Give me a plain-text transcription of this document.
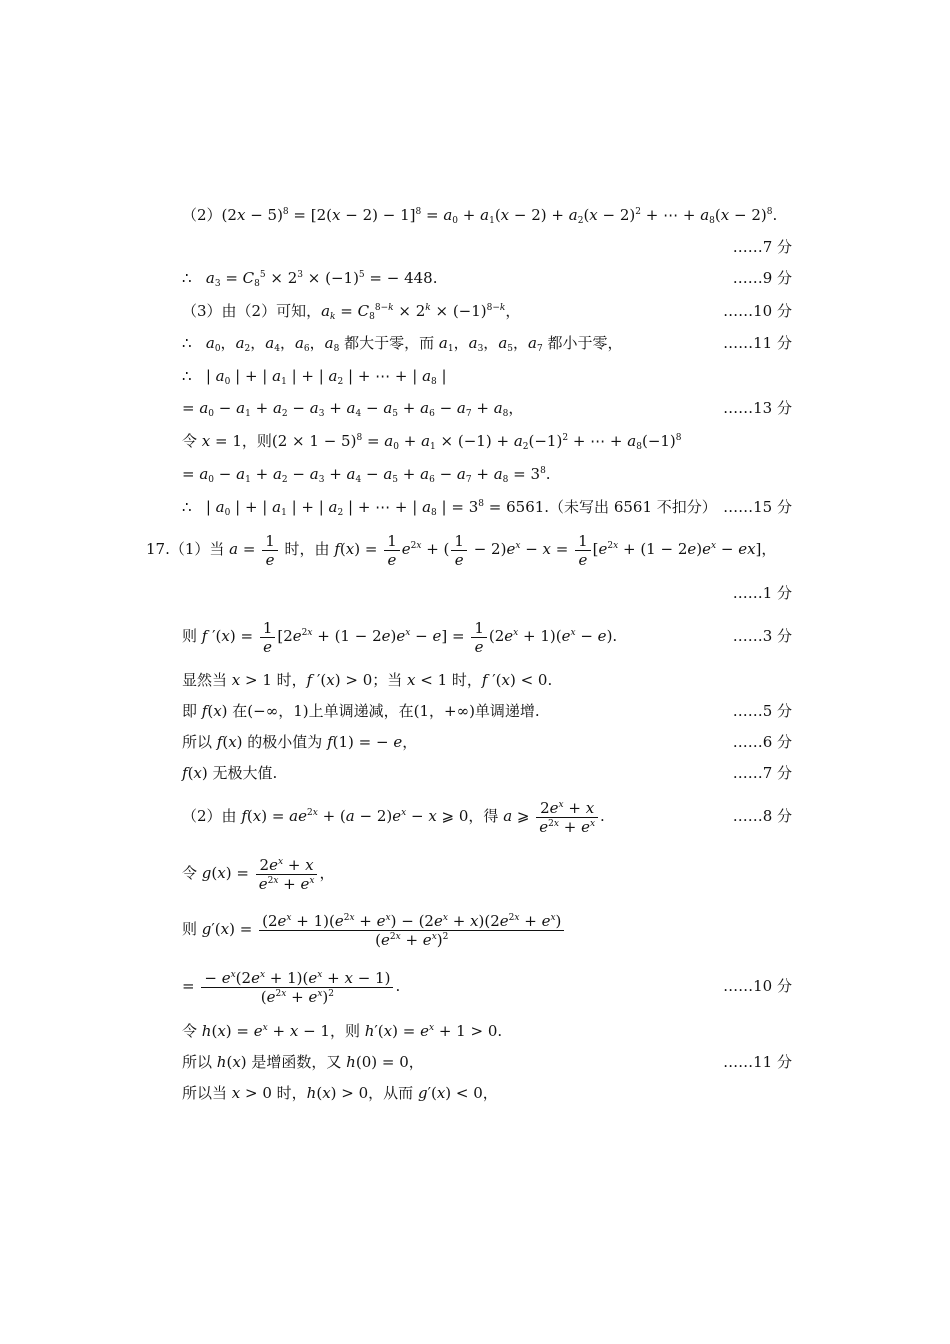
$(2)(2x - 5)^8 = [2(x - 2) - 1]^8 = a_0 + a_1(x - 2) + a_2(x - 2)^2$ + ⋯ + $a_8(x - 2)^8$.
……7 分
∴   $a_3 = C_8^5 \times 2^3 \times (-1)^5$ = − 448.	……9 分
（3）由（2）可知，$a_k = C_8^{8-k} \times 2^k \times (-1)^{8-k}$，	……10 分
∴   $a_0$，$a_2$，$a_4$，$a_6$，$a_8$ 都大于零，而 $a_1$，$a_3$，$a_5$，$a_7$ 都小于零，	……11 分
∴   | $a_0$ | + | $a_1$ | + | $a_2$ | + ⋯ + | $a_8$ |
= $a_0 - a_1 + a_2 - a_3 + a_4 - a_5 + a_6 - a_7 + a_8$，	……13 分
令 x = 1，则$(2 \times 1 - 5)^8 = a_0 + a_1 \times (-1) + a_2(-1)^2$ + ⋯ + $a_8(-1)^8$
= $a_0 - a_1 + a_2 - a_3 + a_4 - a_5 + a_6 - a_7 + a_8 = 3^8$.
∴   | $a_0$ | + | $a_1$ | + | $a_2$ | + ⋯ + | $a_8$ | = $3^8 = 6561$.（未写出 6561 不扣分） ……15 分
17.（1）当 $a = \frac{1}{e}$ 时，由 $f(x) = \frac{1}{e} e^{2x}$ + ( $\frac{1}{e} - 2)e^x - x = \frac{1}{e} [e^{2x} + (1 - 2e)e^x - ex]$，
……1 分
则 f $'(x) = \frac{1}{e} [2e^{2x} + (1 - 2e)e^x - e] = \frac{1}{e} (2e^x + 1)(e^x - e)$.	……3 分
显然当 x > 1 时，f ′(x) > 0；当 x < 1 时，f ′(x) < 0.
即 f(x) 在(−∞，1)上单调递减，在(1，+∞)单调递增.	……5 分
所以 f(x) 的极小值为 f(1) = − e，	……6 分
f(x) 无极大值.	……7 分
（2）由 $f(x) = ae^{2x} + (a - 2)e^x - x$ ⩾ 0，得 a ⩾ $\frac{2e^x + x}{e^{2x} + e^x}$ .	……8 分
令 $g(x) = \frac{2e^x + x}{e^{2x} + e^x}$ ，
则 $g'(x) = \frac{(2e^x + 1)(e^{2x} + e^x) - (2e^x + x)(2e^{2x} + e^x)}{(e^{2x} + e^x)^2}$
= $\frac{- e^x(2e^x + 1)(e^x + x - 1)}{(e^{2x} + e^x)^2}$ .	……10 分
令 $h(x) = e^x + x - 1$，则 $h'(x) = e^x + 1 > 0$.
所以 h(x) 是增函数，又 h(0) = 0，	……11 分
所以当 x > 0 时，h(x) > 0，从而 g′(x) < 0，
